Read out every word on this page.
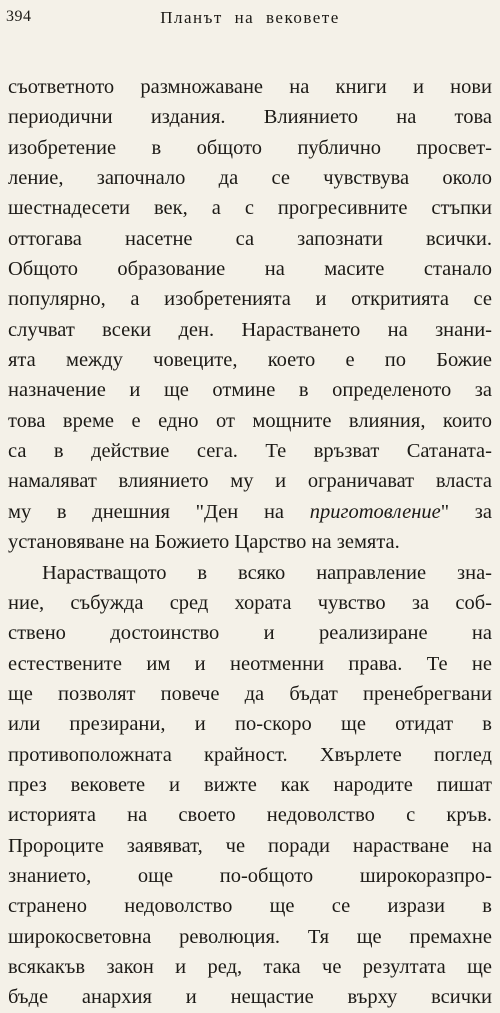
394	Планът на вековете
съответното размножаване на книги и нови
периодични издания. Влиянието на това
изобретение в общото публично просвет-
ление, започнало да се чувствува около
шестнадесети век, а с прогресивните стъпки
оттогава насетне са запознати всички.
Общото образование на масите станало
популярно, а изобретенията и откритията се
случват всеки ден. Нарастването на знани-
ята между човеците, което е по Божие
назначение и ще отмине в определеното за
това време е едно от мощните влияния, които
са в действие сега. Те връзват Сатаната-
намаляват влиянието му и ограничават власта
му в днешния "Ден на приготовление" за
установяване на Божието Царство на земята.
Нарастващото в всяко направление зна-
ние, събужда сред хората чувство за соб-
ствено достоинство и реализиране на
естествените им и неотменни права. Те не
ще позволят повече да бъдат пренебрегвани
или презирани, и по-скоро ще отидат в
противоположната крайност. Хвърлете поглед
през вековете и вижте как народите пишат
историята на своето недоволство с кръв.
Пророците заявяват, че поради нарастване на
знанието, още по-общото широкоразпро-
странено недоволство ще се изрази в
широкосветовна революция. Тя ще премахне
всякакъв закон и ред, така че резултата ще
бъде анархия и нещастие върху всички
